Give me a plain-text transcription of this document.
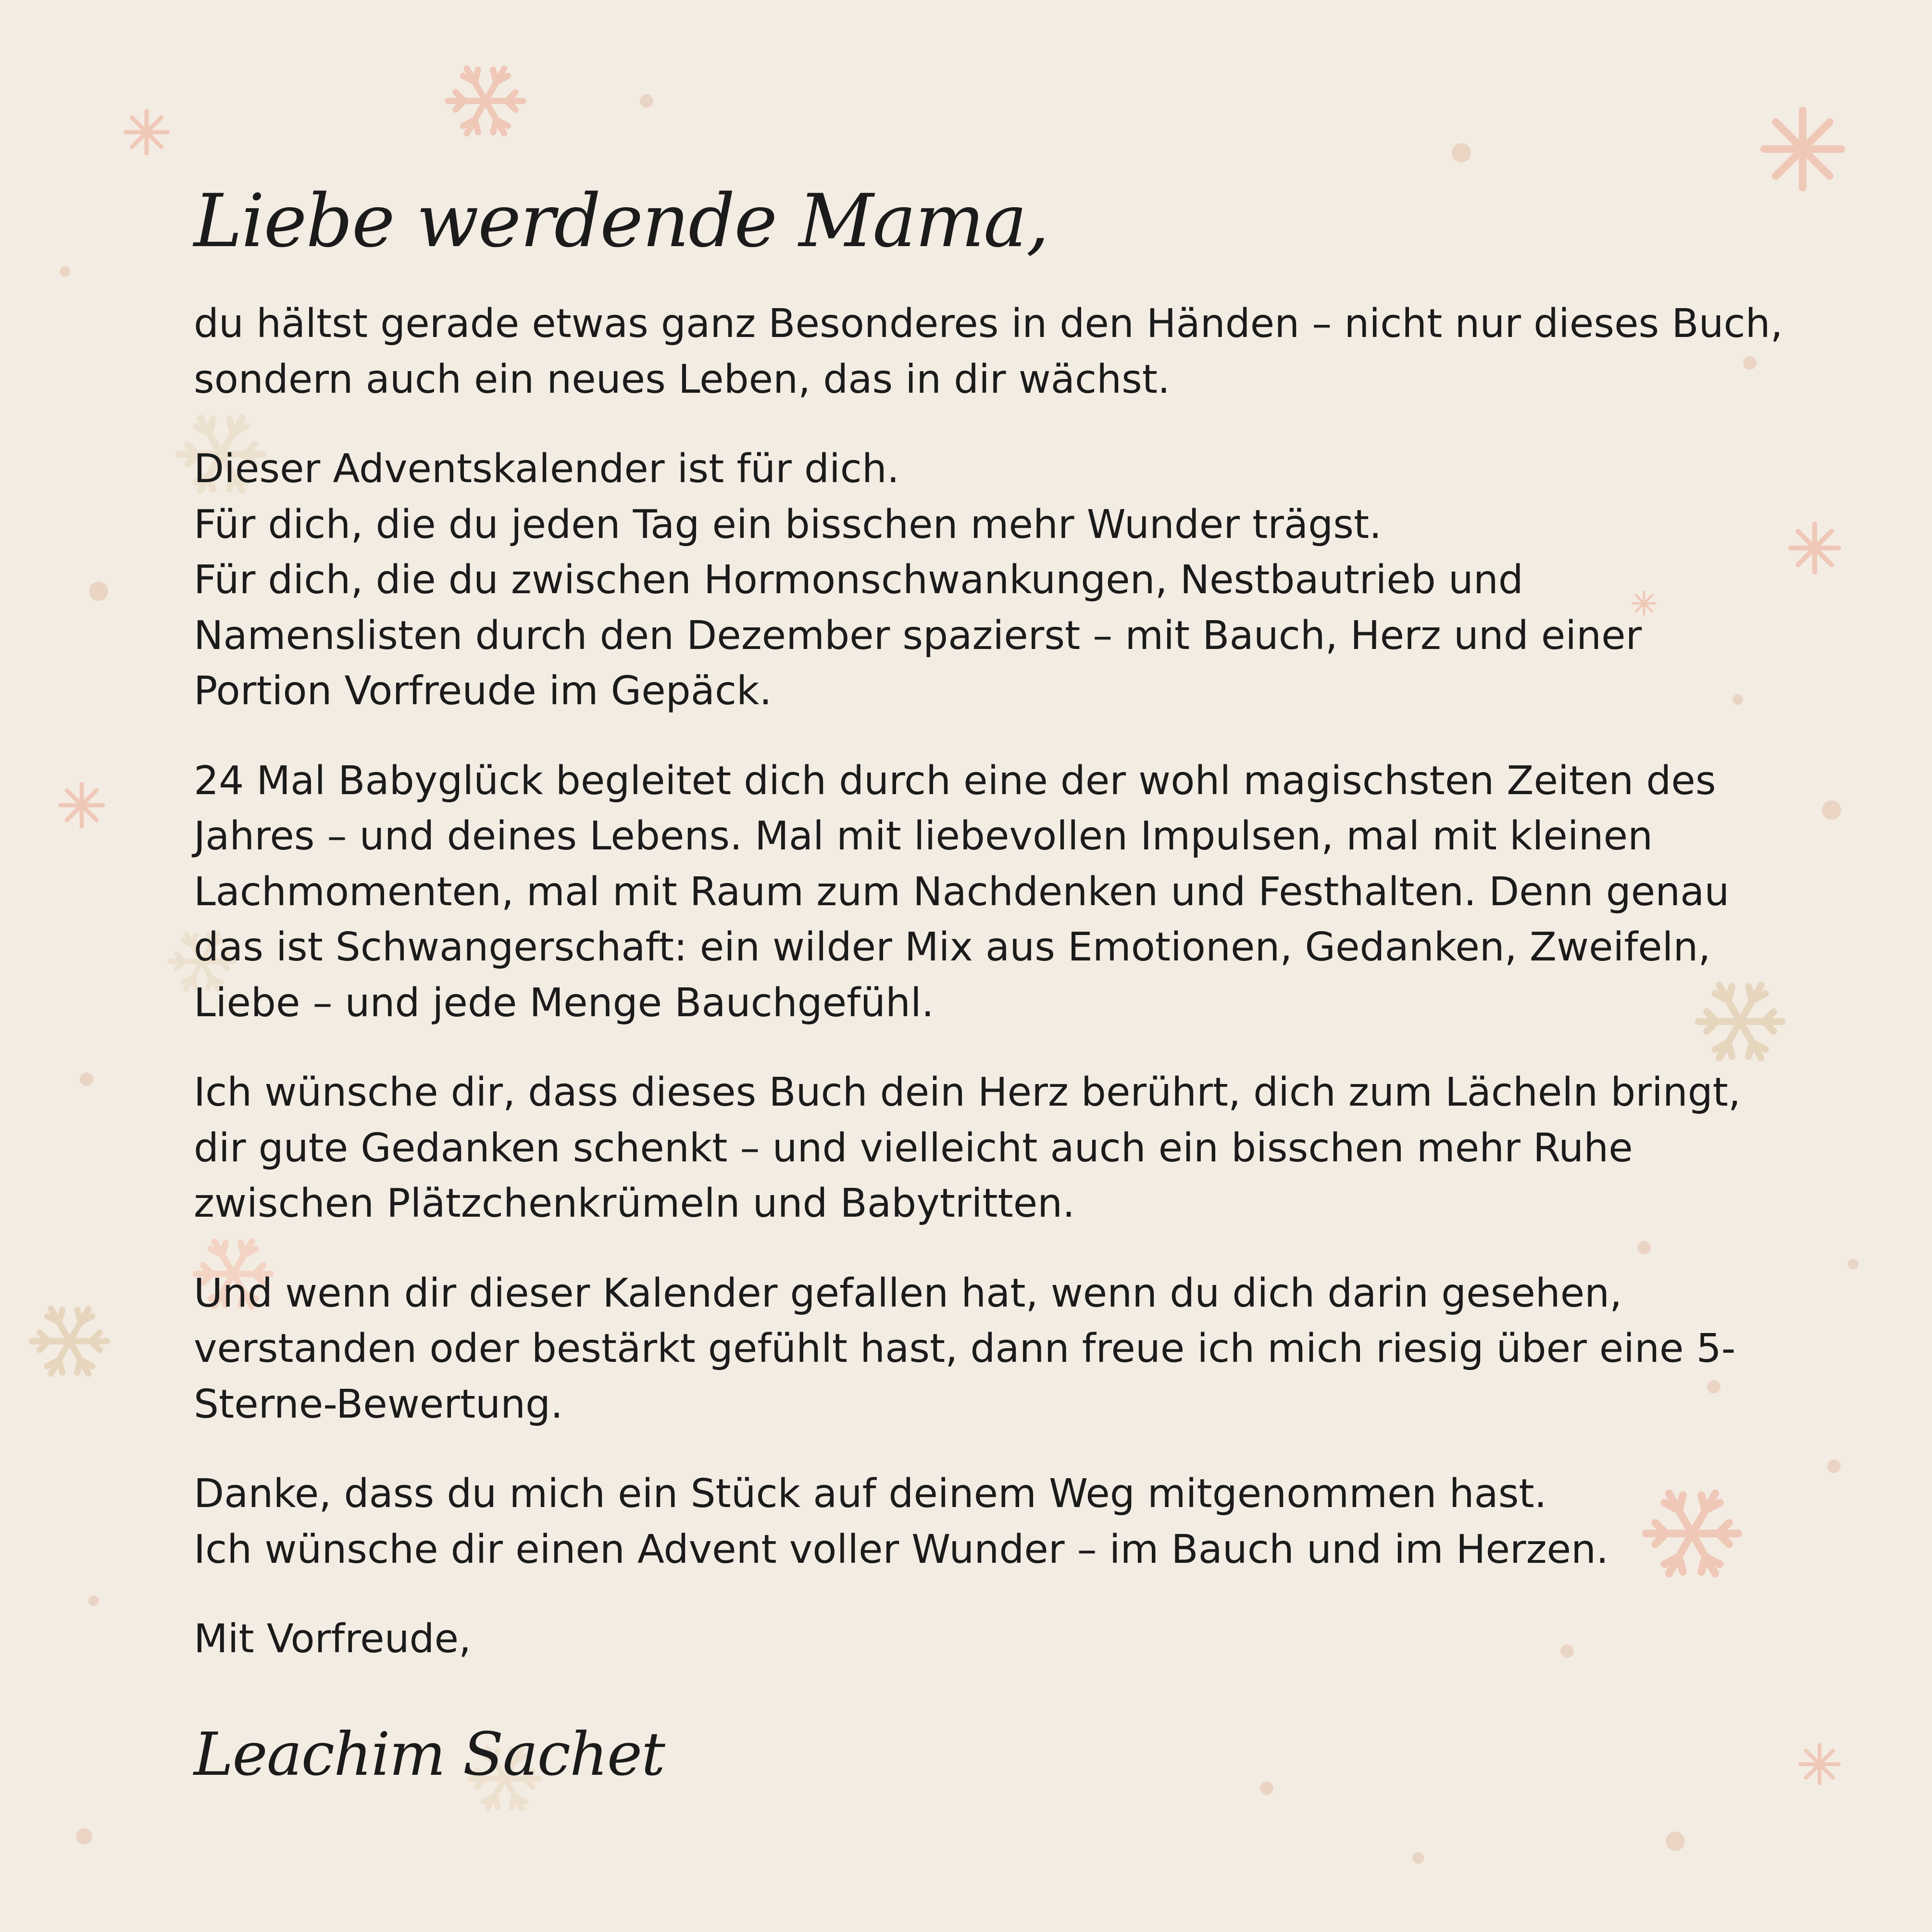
Liebe werdende Mama,
du hältst gerade etwas ganz Besonderes in den Händen – nicht nur dieses Buch,
sondern auch ein neues Leben, das in dir wächst.
Dieser Adventskalender ist für dich.
Für dich, die du jeden Tag ein bisschen mehr Wunder trägst.
Für dich, die du zwischen Hormonschwankungen, Nestbautrieb und
Namenslisten durch den Dezember spazierst – mit Bauch, Herz und einer
Portion Vorfreude im Gepäck.
24 Mal Babyglück begleitet dich durch eine der wohl magischsten Zeiten des
Jahres – und deines Lebens. Mal mit liebevollen Impulsen, mal mit kleinen
Lachmomenten, mal mit Raum zum Nachdenken und Festhalten. Denn genau
das ist Schwangerschaft: ein wilder Mix aus Emotionen, Gedanken, Zweifeln,
Liebe – und jede Menge Bauchgefühl.
Ich wünsche dir, dass dieses Buch dein Herz berührt, dich zum Lächeln bringt,
dir gute Gedanken schenkt – und vielleicht auch ein bisschen mehr Ruhe
zwischen Plätzchenkrümeln und Babytritten.
Und wenn dir dieser Kalender gefallen hat, wenn du dich darin gesehen,
verstanden oder bestärkt gefühlt hast, dann freue ich mich riesig über eine 5-
Sterne-Bewertung.
Danke, dass du mich ein Stück auf deinem Weg mitgenommen hast.
Ich wünsche dir einen Advent voller Wunder – im Bauch und im Herzen.
Mit Vorfreude,
Leachim Sachet
